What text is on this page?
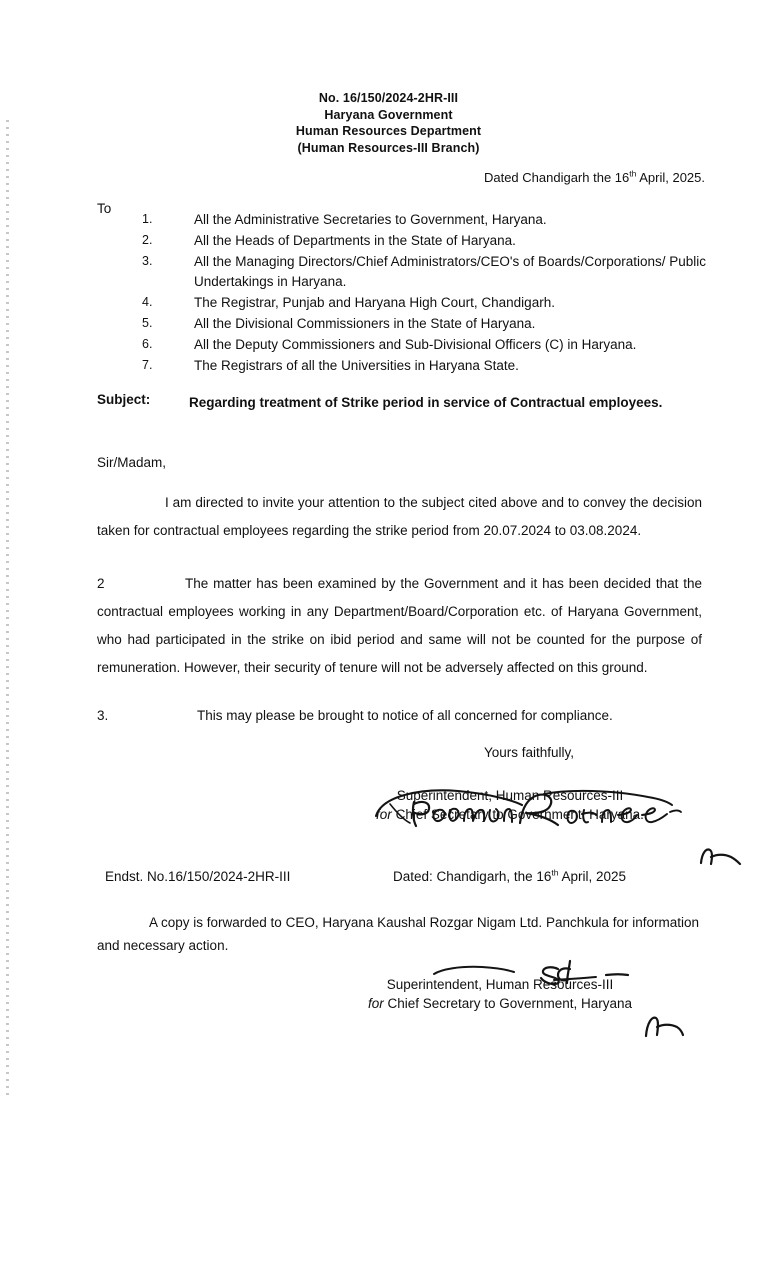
No. 16/150/2024-2HR-III
Haryana Government
Human Resources Department
(Human Resources-III Branch)
Dated Chandigarh the 16th April, 2025.
To
1.	All the Administrative Secretaries to Government, Haryana.
2.	All the Heads of Departments in the State of Haryana.
3.	All the Managing Directors/Chief Administrators/CEO's of Boards/Corporations/ Public Undertakings in Haryana.
4.	The Registrar, Punjab and Haryana High Court, Chandigarh.
5.	All the Divisional Commissioners in the State of Haryana.
6.	All the Deputy Commissioners and Sub-Divisional Officers (C) in Haryana.
7.	The Registrars of all the Universities in Haryana State.
Subject:	Regarding treatment of Strike period in service of Contractual employees.
Sir/Madam,
I am directed to invite your attention to the subject cited above and to convey the decision taken for contractual employees regarding the strike period from 20.07.2024 to 03.08.2024.
2	The matter has been examined by the Government and it has been decided that the contractual employees working in any Department/Board/Corporation etc. of Haryana Government, who had participated in the strike on ibid period and same will not be counted for the purpose of remuneration. However, their security of tenure will not be adversely affected on this ground.
3.	This may please be brought to notice of all concerned for compliance.
Yours faithfully,
Superintendent, Human Resources-III
for Chief Secretary to Government, Haryana.
Endst. No.16/150/2024-2HR-III	Dated: Chandigarh, the 16th April, 2025
A copy is forwarded to CEO, Haryana Kaushal Rozgar Nigam Ltd. Panchkula for information and necessary action.
Superintendent, Human Resources-III
for Chief Secretary to Government, Haryana
